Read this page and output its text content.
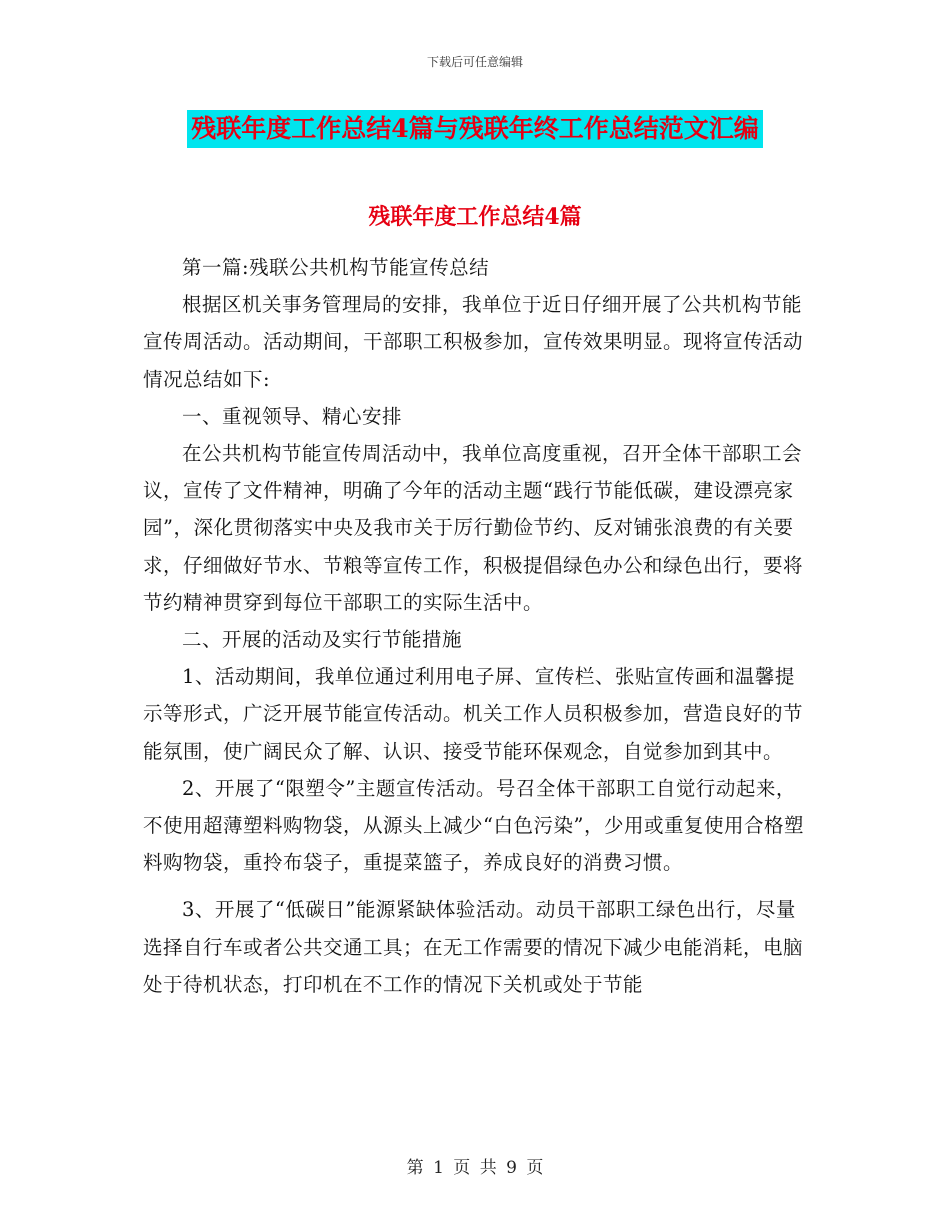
下载后可任意编辑
残联年度工作总结4篇与残联年终工作总结范文汇编
残联年度工作总结4篇

第一篇:残联公共机构节能宣传总结

根据区机关事务管理局的安排，我单位于近日仔细开展了公共机构节能宣传周活动。活动期间，干部职工积极参加，宣传效果明显。现将宣传活动情况总结如下:

一、重视领导、精心安排

在公共机构节能宣传周活动中，我单位高度重视，召开全体干部职工会议，宣传了文件精神，明确了今年的活动主题“践行节能低碳，建设漂亮家园”，深化贯彻落实中央及我市关于厉行勤俭节约、反对铺张浪费的有关要求，仔细做好节水、节粮等宣传工作，积极提倡绿色办公和绿色出行，要将节约精神贯穿到每位干部职工的实际生活中。

二、开展的活动及实行节能措施

1、活动期间，我单位通过利用电子屏、宣传栏、张贴宣传画和温馨提示等形式，广泛开展节能宣传活动。机关工作人员积极参加，营造良好的节能氛围，使广阔民众了解、认识、接受节能环保观念，自觉参加到其中。

2、开展了“限塑令”主题宣传活动。号召全体干部职工自觉行动起来，不使用超薄塑料购物袋，从源头上减少“白色污染”，少用或重复使用合格塑料购物袋，重拎布袋子，重提菜篮子，养成良好的消费习惯。

3、开展了“低碳日”能源紧缺体验活动。动员干部职工绿色出行，尽量选择自行车或者公共交通工具；在无工作需要的情况下减少电能消耗，电脑处于待机状态，打印机在不工作的情况下关机或处于节能

第 1 页 共 9 页
